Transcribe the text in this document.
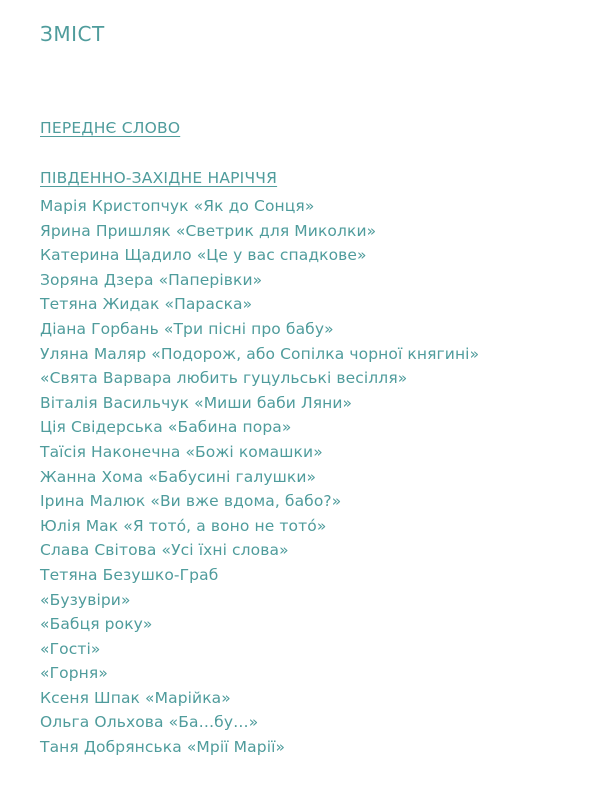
ЗМІСТ
ПЕРЕДНЄ СЛОВО
ПІВДЕННО-ЗАХІДНЕ НАРІЧЧЯ
Марія Кристопчук «Як до Сонця»
Ярина Пришляк «Светрик для Миколки»
Катерина Щадило «Це у вас спадкове»
Зоряна Дзера «Паперівки»
Тетяна Жидак «Параска»
Діана Горбань «Три пісні про бабу»
Уляна Маляр «Подорож, або Сопілка чорної княгині»
«Свята Варвара любить гуцульські весілля»
Віталія Васильчук «Миши баби Ляни»
Ція Свідерська «Бабина пора»
Таїсія Наконечна «Божі комашки»
Жанна Хома «Бабусині галушки»
Ірина Малюк «Ви вже вдома, бабо?»
Юлія Мак «Я тото́, а воно не тото́»
Слава Світова «Усі їхні слова»
Тетяна Безушко-Граб
«Бузувіри»
«Бабця року»
«Гості»
«Горня»
Ксеня Шпак «Марійка»
Ольга Ольхова «Ба…бу…»
Таня Добрянська «Мрії Марії»
